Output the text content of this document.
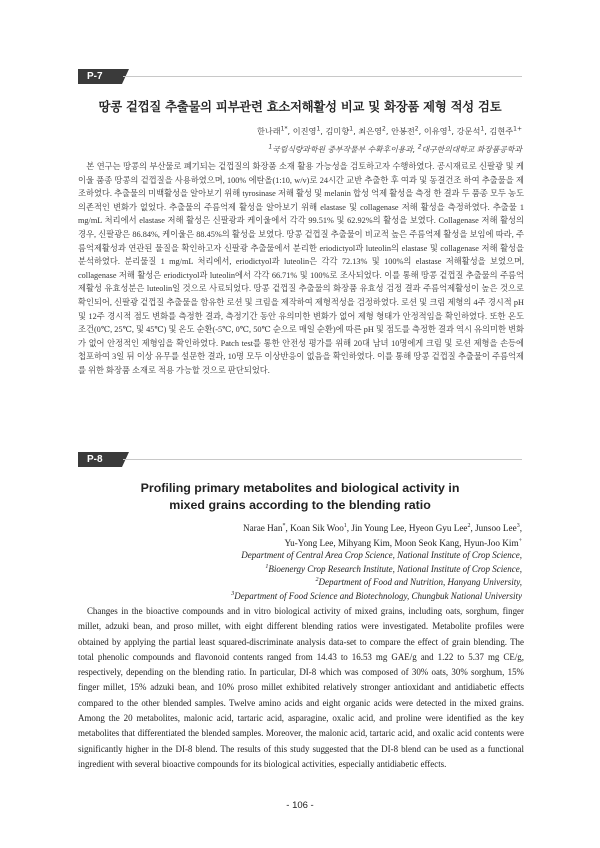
P-7
땅콩 겉껍질 추출물의 피부관련 효소저해활성 비교 및 화장품 제형 적성 검토
한나래$^{1*}$, 이진영$^1$, 김미향$^1$, 최은영$^2$, 안봉전$^2$, 이유영$^1$, 강문석$^1$, 김현주$^{1+}$
$^1$국립식량과학원 중부작물부 수확후이용과, $^2$대구한의대학교 화장품공학과

본 연구는 땅콩의 부산물로 폐기되는 겉껍질의 화장품 소재 활용 가능성을 검토하고자 수행하였다. 공시재료로 신팔광 및 케이울 품종 땅콩의 겉껍질을 사용하였으며, 100% 에탄올(1:10, w/v)로 24시간 교반 추출한 후 여과 및 동결건조 하여 추출물을 제조하였다. 추출물의 미백활성을 알아보기 위해 tyrosinase 저해 활성 및 melanin 합성 억제 활성을 측정 한 결과 두 품종 모두 농도 의존적인 변화가 없었다. 추출물의 주름억제 활성을 알아보기 위해 elastase 및 collagenase 저해 활성을 측정하였다. 추출물 1 mg/mL 처리에서 elastase 저해 활성은 신팔광과 케이울에서 각각 99.51% 및 62.92%의 활성을 보였다. Collagenase 저해 활성의 경우, 신팔광은 86.84%, 케이울은 88.45%의 활성을 보였다. 땅콩 겉껍질 추출물이 비교적 높은 주름억제 활성을 보임에 따라, 주름억제활성과 연관된 물질을 확인하고자 신팔광 추출물에서 분리한 eriodictyol과 luteolin의 elastase 및 collagenase 저해 활성을 분석하였다. 분리물질 1 mg/mL 처리에서, eriodictyol과 luteolin은 각각 72.13% 및 100%의 elastase 저해활성을 보였으며, collagenase 저해 활성은 eriodictyol과 luteolin에서 각각 66.71% 및 100%로 조사되었다. 이를 통해 땅콩 겉껍질 추출물의 주름억제활성 유효성분은 luteolin일 것으로 사료되었다. 땅콩 겉껍질 추출물의 화장품 유효성 검정 결과 주름억제활성이 높은 것으로 확인되어, 신팔광 겉껍질 추출물을 함유한 로션 및 크림을 제작하여 제형적성을 검정하였다. 로션 및 크림 제형의 4주 경시적 pH 및 12주 경시적 점도 변화를 측정한 결과, 측정기간 동안 유의미한 변화가 없어 제형 형태가 안정적임을 확인하였다. 또한 온도 조건(0℃, 25℃, 및 45℃) 및 온도 순환(-5℃, 0℃, 50℃ 순으로 매일 순환)에 따른 pH 및 점도를 측정한 결과 역시 유의미한 변화가 없어 안정적인 제형임을 확인하였다. Patch test를 통한 안전성 평가를 위해 20대 남녀 10명에게 크림 및 로션 제형을 손등에 첩포하여 3일 뒤 이상 유무를 설문한 결과, 10명 모두 이상반응이 없음을 확인하였다. 이를 통해 땅콩 겉껍질 추출물이 주름억제를 위한 화장품 소재로 적용 가능할 것으로 판단되었다.

P-8
Profiling primary metabolites and biological activity in
mixed grains according to the blending ratio
Narae Han*, Koan Sik Woo$^1$, Jin Young Lee, Hyeon Gyu Lee$^2$, Junsoo Lee$^3$,
Yu-Yong Lee, Mihyang Kim, Moon Seok Kang, Hyun-Joo Kim+
Department of Central Area Crop Science, National Institute of Crop Science,
$^1$Bioenergy Crop Research Institute, National Institute of Crop Science,
$^2$Department of Food and Nutrition, Hanyang University,
$^3$Department of Food Science and Biotechnology, Chungbuk National University

Changes in the bioactive compounds and in vitro biological activity of mixed grains, including oats, sorghum, finger millet, adzuki bean, and proso millet, with eight different blending ratios were investigated. Metabolite profiles were obtained by applying the partial least squared-discriminate analysis data-set to compare the effect of grain blending. The total phenolic compounds and flavonoid contents ranged from 14.43 to 16.53 mg GAE/g and 1.22 to 5.37 mg CE/g, respectively, depending on the blending ratio. In particular, DI-8 which was composed of 30% oats, 30% sorghum, 15% finger millet, 15% adzuki bean, and 10% proso millet exhibited relatively stronger antioxidant and antidiabetic effects compared to the other blended samples. Twelve amino acids and eight organic acids were detected in the mixed grains. Among the 20 metabolites, malonic acid, tartaric acid, asparagine, oxalic acid, and proline were identified as the key metabolites that differentiated the blended samples. Moreover, the malonic acid, tartaric acid, and oxalic acid contents were significantly higher in the DI-8 blend. The results of this study suggested that the DI-8 blend can be used as a functional ingredient with several bioactive compounds for its biological activities, especially antidiabetic effects.

- 106 -
